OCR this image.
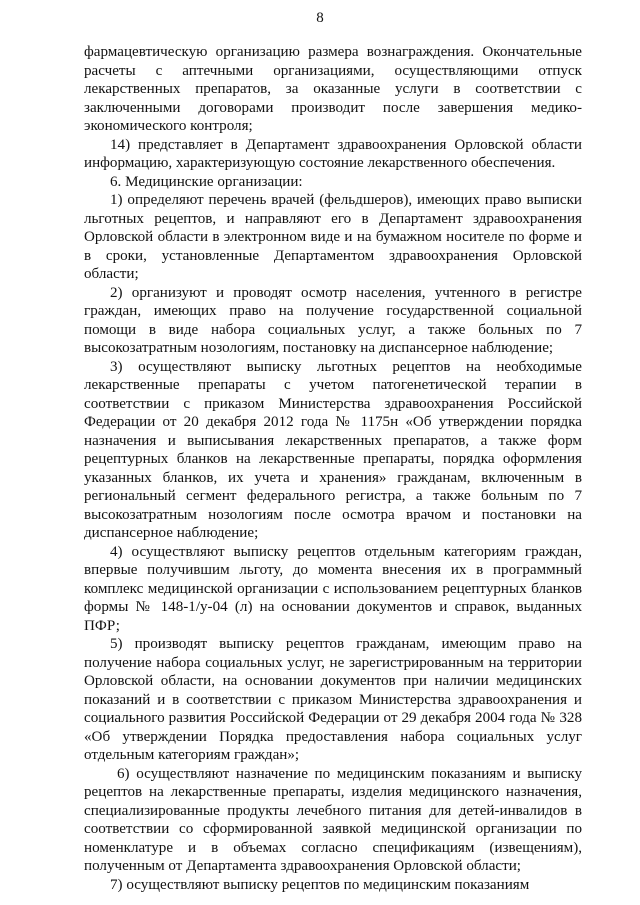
8

фармацевтическую организацию размера вознаграждения. Окончательные расчеты с аптечными организациями, осуществляющими отпуск лекарственных препаратов, за оказанные услуги в соответствии с заключенными договорами производит после завершения медико-экономического контроля;

14) представляет в Департамент здравоохранения Орловской области информацию, характеризующую состояние лекарственного обеспечения.

6. Медицинские организации:

1) определяют перечень врачей (фельдшеров), имеющих право выписки льготных рецептов, и направляют его в Департамент здравоохранения Орловской области в электронном виде и на бумажном носителе по форме и в сроки, установленные Департаментом здравоохранения Орловской области;

2) организуют и проводят осмотр населения, учтенного в регистре граждан, имеющих право на получение государственной социальной помощи в виде набора социальных услуг, а также больных по 7 высокозатратным нозологиям, постановку на диспансерное наблюдение;

3) осуществляют выписку льготных рецептов на необходимые лекарственные препараты с учетом патогенетической терапии в соответствии с приказом Министерства здравоохранения Российской Федерации от 20 декабря 2012 года № 1175н «Об утверждении порядка назначения и выписывания лекарственных препаратов, а также форм рецептурных бланков на лекарственные препараты, порядка оформления указанных бланков, их учета и хранения» гражданам, включенным в региональный сегмент федерального регистра, а также больным по 7 высокозатратным нозологиям после осмотра врачом и постановки на диспансерное наблюдение;

4) осуществляют выписку рецептов отдельным категориям граждан, впервые получившим льготу, до момента внесения их в программный комплекс медицинской организации с использованием рецептурных бланков формы № 148-1/у-04 (л) на основании документов и справок, выданных ПФР;

5) производят выписку рецептов гражданам, имеющим право на получение набора социальных услуг, не зарегистрированным на территории Орловской области, на основании документов при наличии медицинских показаний и в соответствии с приказом Министерства здравоохранения и социального развития Российской Федерации от 29 декабря 2004 года № 328 «Об утверждении Порядка предоставления набора социальных услуг отдельным категориям граждан»;

6) осуществляют назначение по медицинским показаниям и выписку рецептов на лекарственные препараты, изделия медицинского назначения, специализированные продукты лечебного питания для детей-инвалидов в соответствии со сформированной заявкой медицинской организации по номенклатуре и в объемах согласно спецификациям (извещениям), полученным от Департамента здравоохранения Орловской области;

7) осуществляют выписку рецептов по медицинским показаниям
